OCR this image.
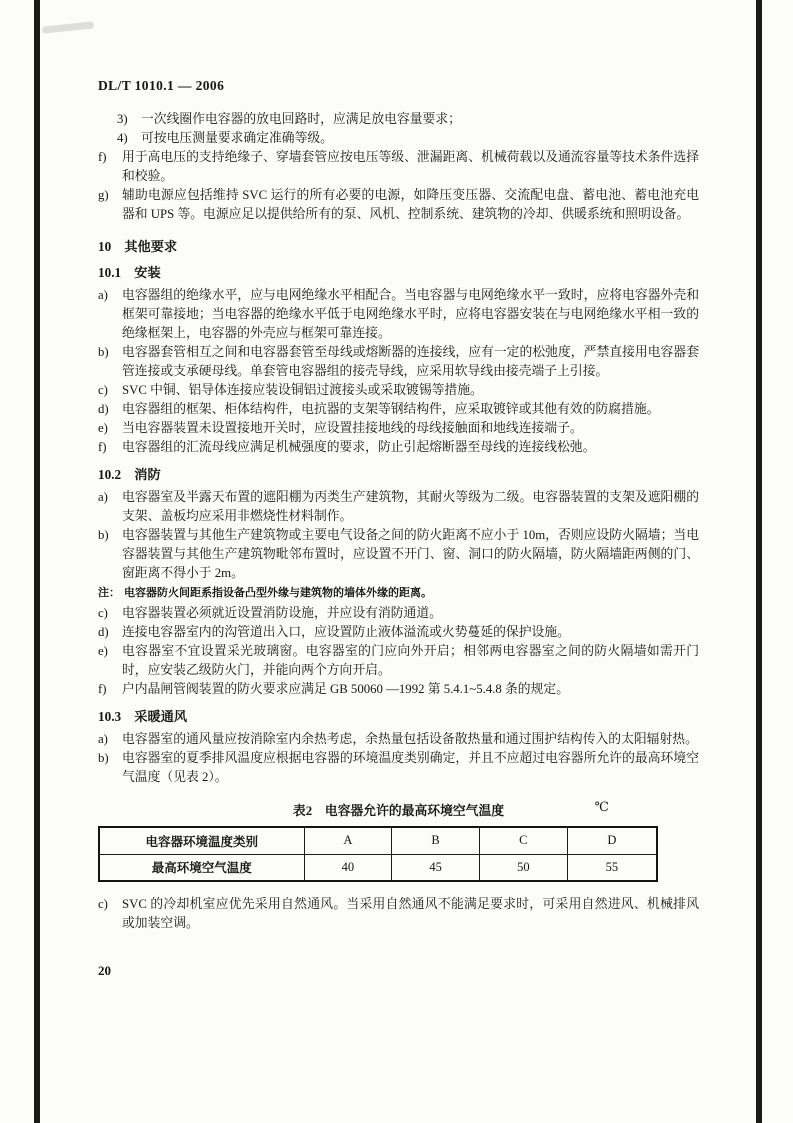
DL/T 1010.1 — 2006
3)	一次线圈作电容器的放电回路时，应满足放电容量要求；
4)	可按电压测量要求确定准确等级。
f)	用于高电压的支持绝缘子、穿墙套管应按电压等级、泄漏距离、机械荷载以及通流容量等技术条件选择和校验。
g)	辅助电源应包括维持 SVC 运行的所有必要的电源，如降压变压器、交流配电盘、蓄电池、蓄电池充电器和 UPS 等。电源应足以提供给所有的泵、风机、控制系统、建筑物的冷却、供暖系统和照明设备。
10　其他要求
10.1　安装
a)	电容器组的绝缘水平，应与电网绝缘水平相配合。当电容器与电网绝缘水平一致时，应将电容器外壳和框架可靠接地；当电容器的绝缘水平低于电网绝缘水平时，应将电容器安装在与电网绝缘水平相一致的绝缘框架上，电容器的外壳应与框架可靠连接。
b)	电容器套管相互之间和电容器套管至母线或熔断器的连接线，应有一定的松弛度，严禁直接用电容器套管连接或支承硬母线。单套管电容器组的接壳导线，应采用软导线由接壳端子上引接。
c)	SVC 中铜、铝导体连接应装设铜铝过渡接头或采取镀锡等措施。
d)	电容器组的框架、柜体结构件，电抗器的支架等钢结构件，应采取镀锌或其他有效的防腐措施。
e)	当电容器装置未设置接地开关时，应设置挂接地线的母线接触面和地线连接端子。
f)	电容器组的汇流母线应满足机械强度的要求，防止引起熔断器至母线的连接线松弛。
10.2　消防
a)	电容器室及半露天布置的遮阳棚为丙类生产建筑物，其耐火等级为二级。电容器装置的支架及遮阳棚的支架、盖板均应采用非燃烧性材料制作。
b)	电容器装置与其他生产建筑物或主要电气设备之间的防火距离不应小于 10m，否则应设防火隔墙；当电容器装置与其他生产建筑物毗邻布置时，应设置不开门、窗、洞口的防火隔墙，防火隔墙距两侧的门、窗距离不得小于 2m。
注： 电容器防火间距系指设备凸型外缘与建筑物的墙体外缘的距离。
c)	电容器装置必须就近设置消防设施，并应设有消防通道。
d)	连接电容器室内的沟管道出入口，应设置防止液体溢流或火势蔓延的保护设施。
e)	电容器室不宜设置采光玻璃窗。电容器室的门应向外开启；相邻两电容器室之间的防火隔墙如需开门时，应安装乙级防火门，并能向两个方向开启。
f)	户内晶闸管阀装置的防火要求应满足 GB 50060 —1992 第 5.4.1~5.4.8 条的规定。
10.3　采暖通风
a)	电容器室的通风量应按消除室内余热考虑，余热量包括设备散热量和通过围护结构传入的太阳辐射热。
b)	电容器室的夏季排风温度应根据电容器的环境温度类别确定，并且不应超过电容器所允许的最高环境空气温度（见表 2）。
表2　电容器允许的最高环境空气温度	℃
电容器环境温度类别	A	B	C	D
最高环境空气温度	40	45	50	55
c)	SVC 的冷却机室应优先采用自然通风。当采用自然通风不能满足要求时，可采用自然进风、机械排风或加装空调。
20
